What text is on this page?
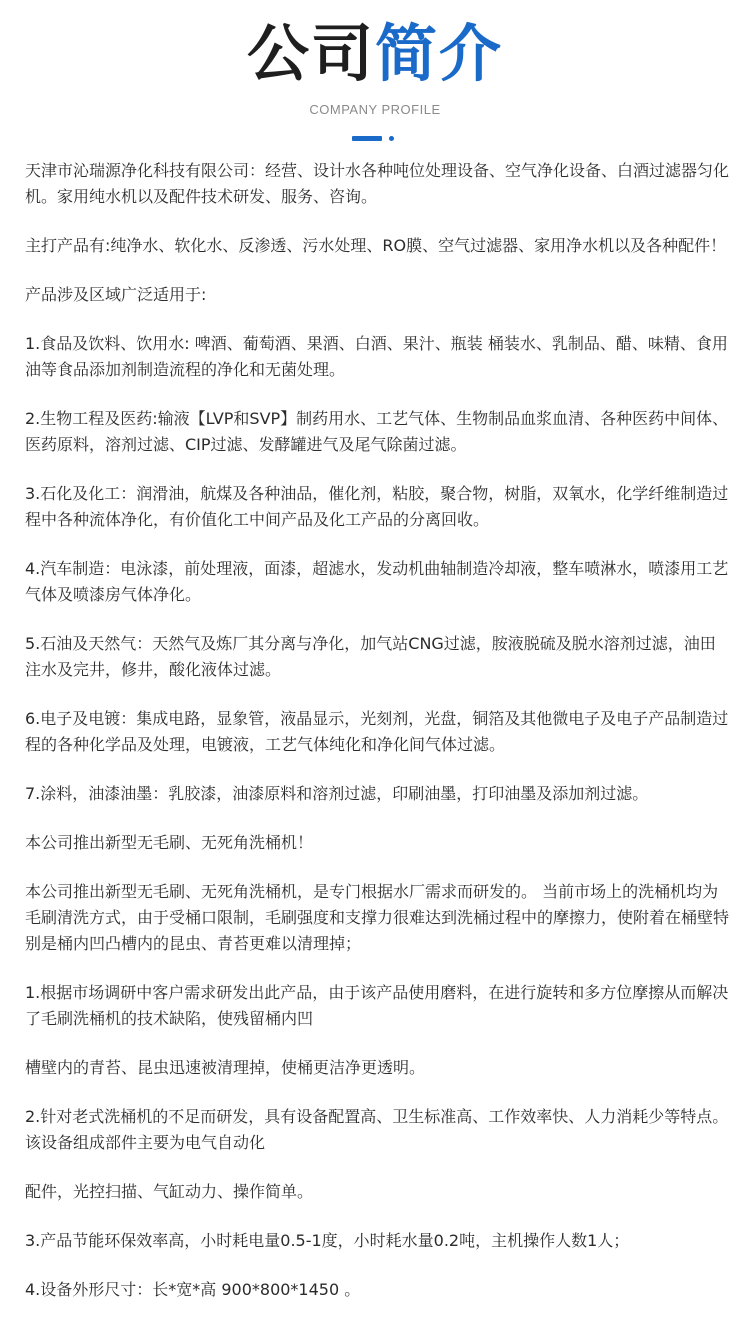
公司简介
COMPANY PROFILE

天津市沁瑞源净化科技有限公司：经营、设计水各种吨位处理设备、空气净化设备、白酒过滤器匀化机。家用纯水机以及配件技术研发、服务、咨询。

主打产品有:纯净水、软化水、反渗透、污水处理、RO膜、空气过滤器、家用净水机以及各种配件！

产品涉及区域广泛适用于:

1.食品及饮料、饮用水: 啤酒、葡萄酒、果酒、白酒、果汁、瓶装 桶装水、乳制品、醋、味精、食用油等食品添加剂制造流程的净化和无菌处理。

2.生物工程及医药:输液【LVP和SVP】制药用水、工艺气体、生物制品血浆血清、各种医药中间体、医药原料，溶剂过滤、CIP过滤、发酵罐进气及尾气除菌过滤。

3.石化及化工：润滑油，航煤及各种油品，催化剂，粘胶，聚合物，树脂，双氧水，化学纤维制造过程中各种流体净化，有价值化工中间产品及化工产品的分离回收。

4.汽车制造：电泳漆，前处理液，面漆，超滤水，发动机曲轴制造冷却液，整车喷淋水，喷漆用工艺气体及喷漆房气体净化。

5.石油及天然气：天然气及炼厂其分离与净化，加气站CNG过滤，胺液脱硫及脱水溶剂过滤，油田注水及完井，修井，酸化液体过滤。

6.电子及电镀：集成电路，显象管，液晶显示，光刻剂，光盘，铜箔及其他微电子及电子产品制造过程的各种化学品及处理，电镀液，工艺气体纯化和净化间气体过滤。

7.涂料，油漆油墨：乳胶漆，油漆原料和溶剂过滤，印刷油墨，打印油墨及添加剂过滤。

本公司推出新型无毛刷、无死角洗桶机！

本公司推出新型无毛刷、无死角洗桶机，是专门根据水厂需求而研发的。 当前市场上的洗桶机均为毛刷清洗方式，由于受桶口限制，毛刷强度和支撑力很难达到洗桶过程中的摩擦力，使附着在桶壁特别是桶内凹凸槽内的昆虫、青苔更难以清理掉；

1.根据市场调研中客户需求研发出此产品，由于该产品使用磨料，在进行旋转和多方位摩擦从而解决了毛刷洗桶机的技术缺陷，使残留桶内凹

槽壁内的青苔、昆虫迅速被清理掉，使桶更洁净更透明。

2.针对老式洗桶机的不足而研发，具有设备配置高、卫生标准高、工作效率快、人力消耗少等特点。该设备组成部件主要为电气自动化

配件，光控扫描、气缸动力、操作简单。

3.产品节能环保效率高，小时耗电量0.5-1度，小时耗水量0.2吨，主机操作人数1人；

4.设备外形尺寸：长*宽*高 900*800*1450 。
